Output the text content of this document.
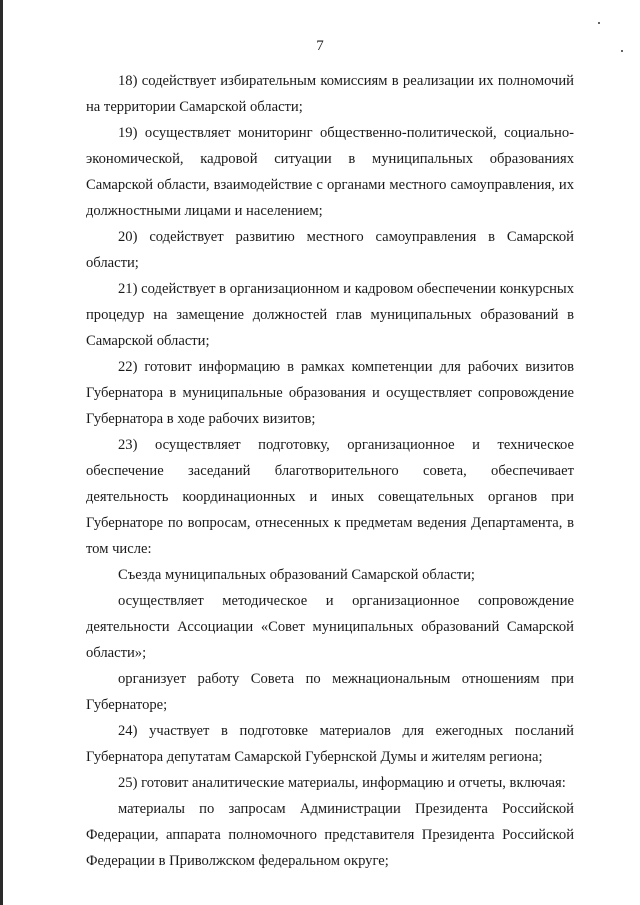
7

18) содействует избирательным комиссиям в реализации их полномочий на территории Самарской области;

19) осуществляет мониторинг общественно-политической, социально-экономической, кадровой ситуации в муниципальных образованиях Самарской области, взаимодействие с органами местного самоуправления, их должностными лицами и населением;

20) содействует развитию местного самоуправления в Самарской области;

21) содействует в организационном и кадровом обеспечении конкурсных процедур на замещение должностей глав муниципальных образований в Самарской области;

22) готовит информацию в рамках компетенции для рабочих визитов Губернатора в муниципальные образования и осуществляет сопровождение Губернатора в ходе рабочих визитов;

23) осуществляет подготовку, организационное и техническое обеспечение заседаний благотворительного совета, обеспечивает деятельность координационных и иных совещательных органов при Губернаторе по вопросам, отнесенных к предметам ведения Департамента, в том числе:

Съезда муниципальных образований Самарской области;

осуществляет методическое и организационное сопровождение деятельности Ассоциации «Совет муниципальных образований Самарской области»;

организует работу Совета по межнациональным отношениям при Губернаторе;

24) участвует в подготовке материалов для ежегодных посланий Губернатора депутатам Самарской Губернской Думы и жителям региона;

25) готовит аналитические материалы, информацию и отчеты, включая:

материалы по запросам Администрации Президента Российской Федерации, аппарата полномочного представителя Президента Российской Федерации в Приволжском федеральном округе;
